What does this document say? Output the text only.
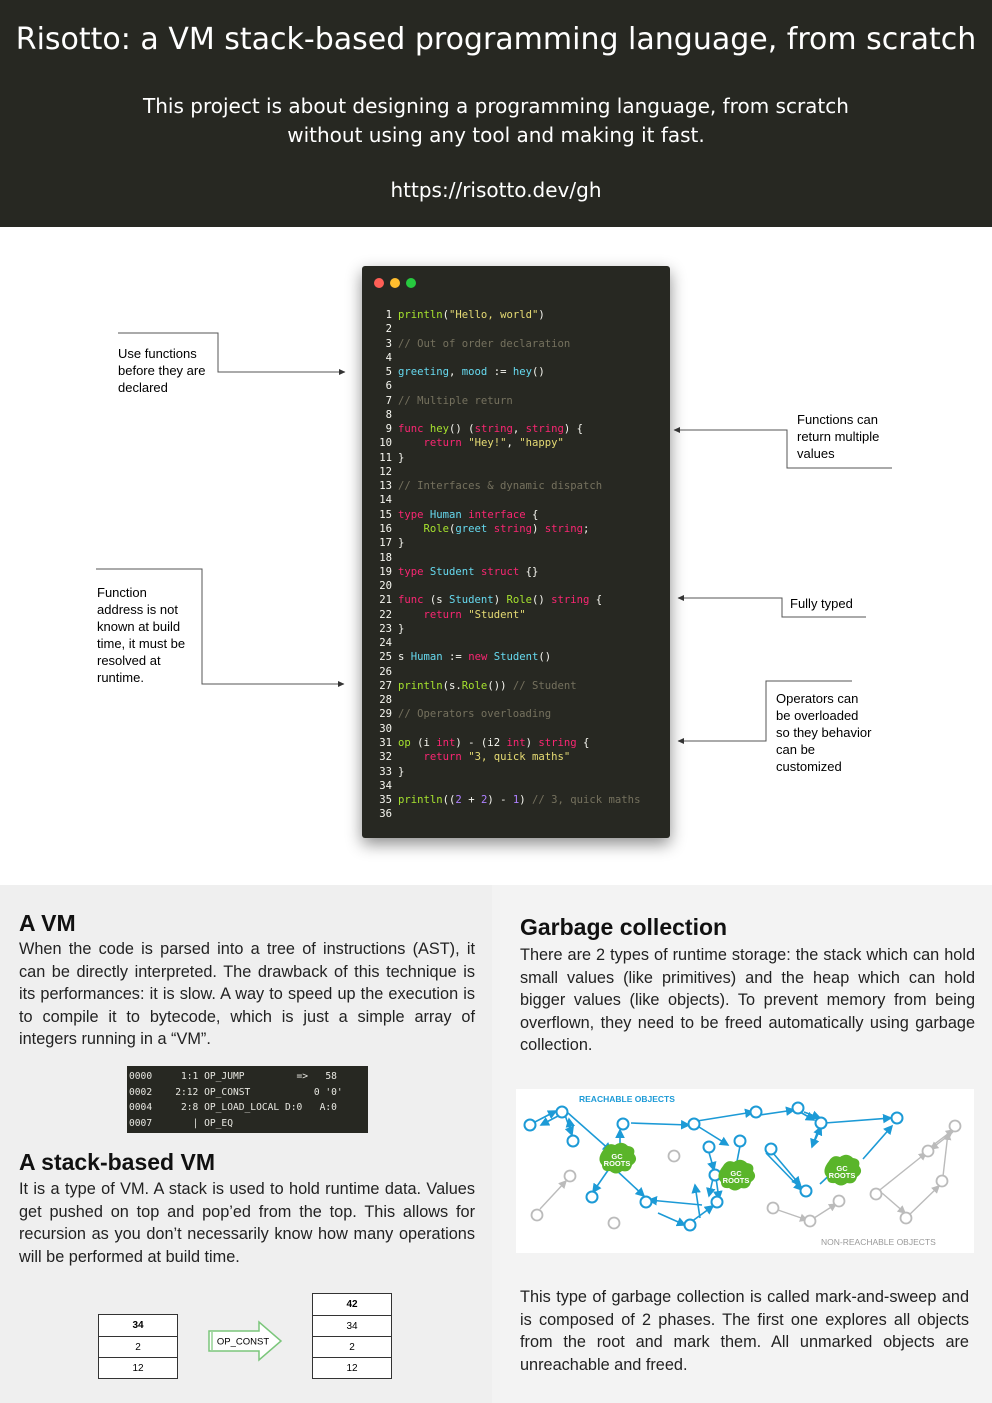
Risotto: a VM stack-based programming language, from scratch
This project is about designing a programming language, from scratch without using any tool and making it fast.
https://risotto.dev/gh
1 println("Hello, world")
2
3 // Out of order declaration
4
5 greeting, mood := hey()
6
7 // Multiple return
8
9 func hey() (string, string) {
10	return "Hey!", "happy"
11 }
12
13 // Interfaces & dynamic dispatch
14
15 type Human interface {
16	Role(greet string) string;
17 }
18
19 type Student struct {}
20
21 func (s Student) Role() string {
22	return "Student"
23 }
24
25 s Human := new Student()
26
27 println(s.Role()) // Student
28
29 // Operators overloading
30
31 op (i int) - (i2 int) string {
32	return "3, quick maths"
33 }
34
35 println((2 + 2) - 1) // 3, quick maths
36
Use functions
before they are
declared
Functions can
return multiple
values
Function
address is not
known at build
time, it must be
resolved at
runtime.
Fully typed
Operators can
be overloaded
so they behavior
can be
customized
A VM
When the code is parsed into a tree of instructions (AST), it can be directly interpreted. The drawback of this technique is its performances: it is slow. A way to speed up the execution is to compile it to bytecode, which is just a simple array of integers running in a “VM”.
0000     1:1 OP_JUMP         =>   58
0002    2:12 OP_CONST           0 '0'
0004     2:8 OP_LOAD_LOCAL D:0   A:0
0007       | OP_EQ
A stack-based VM
It is a type of VM. A stack is used to hold runtime data. Values get pushed on top and pop’ed from the top. This allows for recursion as you don’t necessarily know how many operations will be performed at build time.
34
2
12
OP_CONST
42
34
2
12
Garbage collection
There are 2 types of runtime storage: the stack which can hold small values (like primitives) and the heap which can hold bigger values (like objects). To prevent memory from being overflown, they need to be freed automatically using garbage collection.
REACHABLE OBJECTS
NON-REACHABLE OBJECTS
GC
ROOTS
GC
ROOTS
GC
ROOTS
This type of garbage collection is called mark-and-sweep and is composed of 2 phases. The first one explores all objects from the root and mark them. All unmarked objects are unreachable and freed.
